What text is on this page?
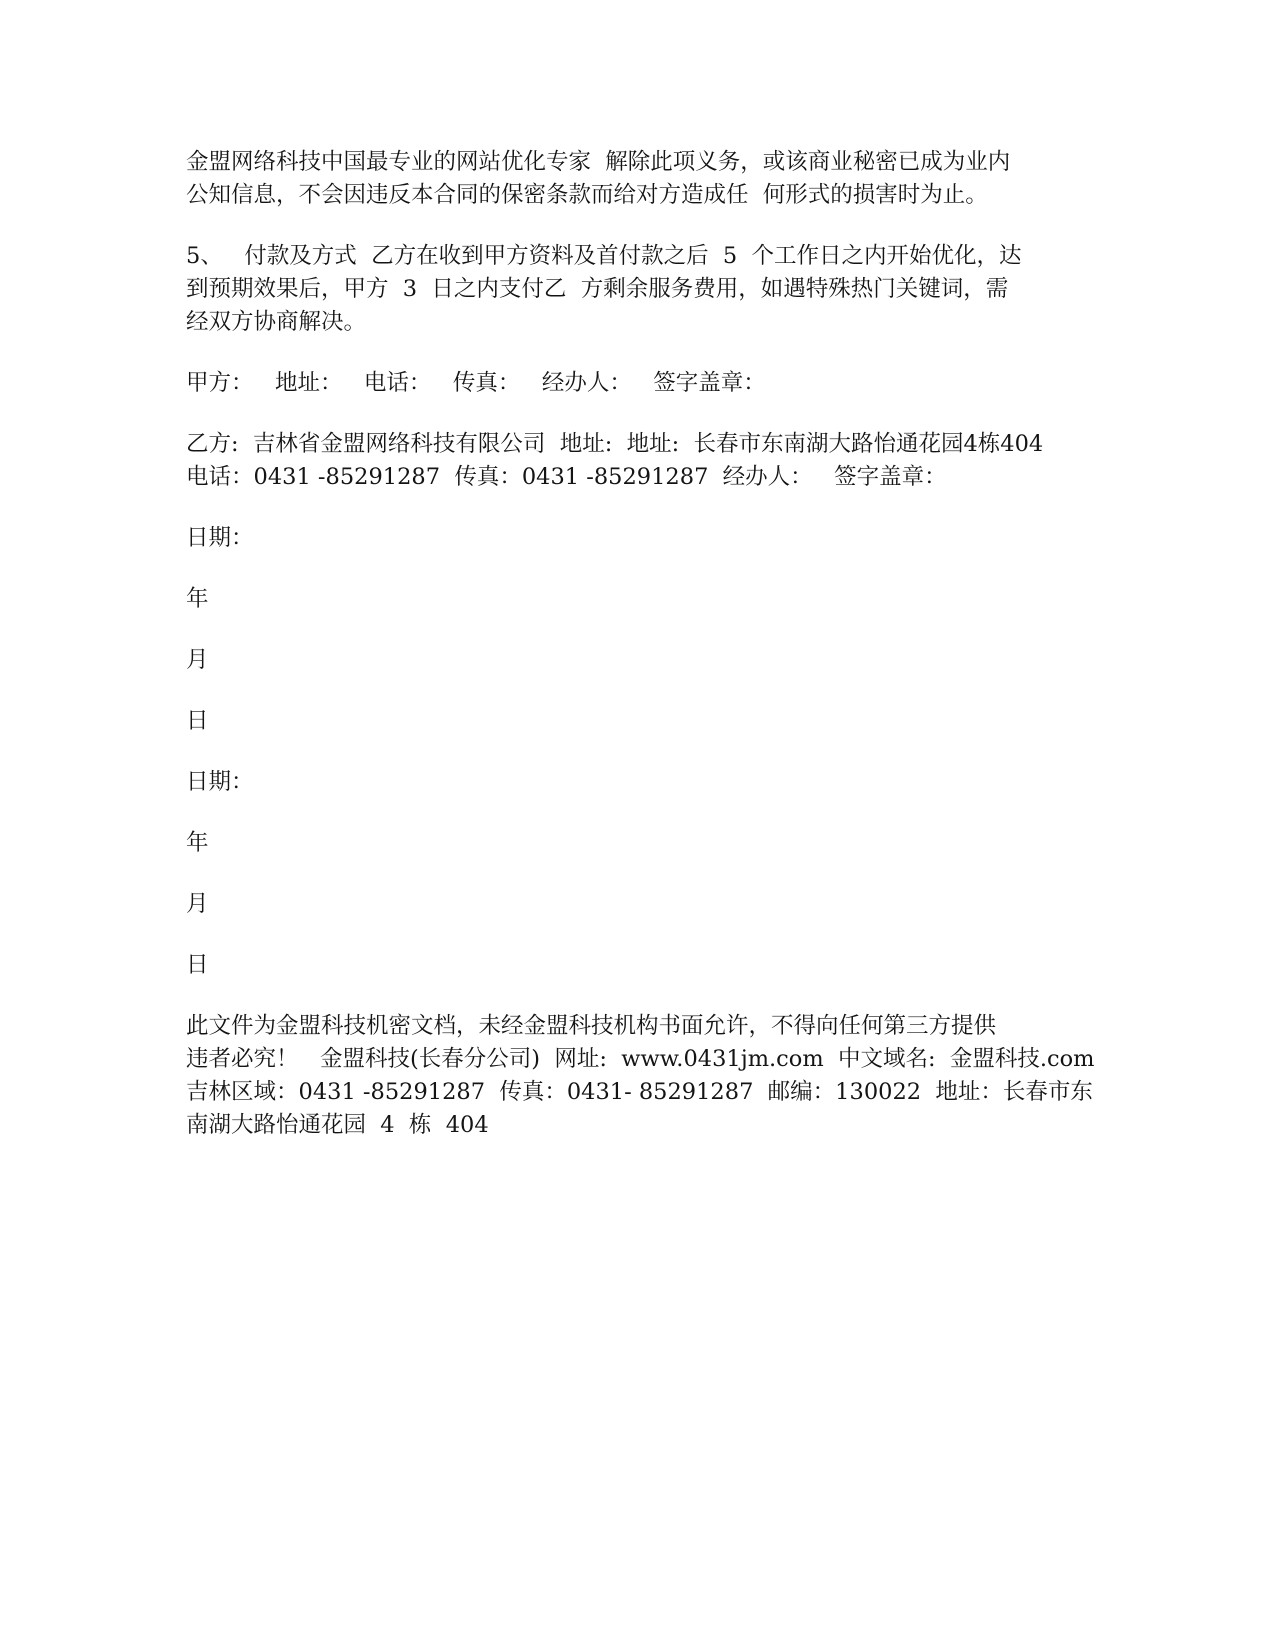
金盟网络科技中国最专业的网站优化专家  解除此项义务，或该商业秘密已成为业内
公知信息，不会因违反本合同的保密条款而给对方造成任  何形式的损害时为止。
5、   付款及方式  乙方在收到甲方资料及首付款之后  5  个工作日之内开始优化，达
到预期效果后，甲方  3  日之内支付乙  方剩余服务费用，如遇特殊热门关键词，需
经双方协商解决。
甲方：   地址：   电话：   传真：   经办人：   签字盖章：
乙方:  吉林省金盟网络科技有限公司  地址:  地址:  长春市东南湖大路怡通花园4栋404
电话：0431 -85291287  传真：0431 -85291287  经办人：   签字盖章：
日期：
年
月
日
日期：
年
月
日
此文件为金盟科技机密文档，未经金盟科技机构书面允许，不得向任何第三方提供
违者必究！   金盟科技(长春分公司)  网址:  www.0431jm.com  中文域名:  金盟科技.com
吉林区域：0431 -85291287  传真：0431- 85291287  邮编：130022  地址：长春市东
南湖大路怡通花园  4  栋  404
